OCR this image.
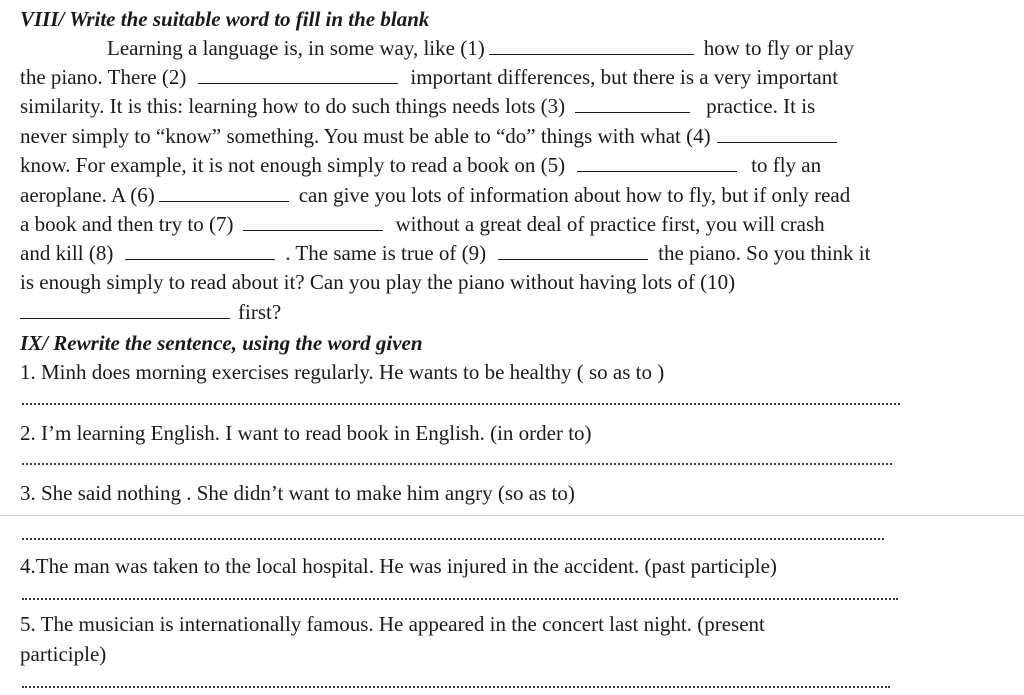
VIII/ Write the suitable word to fill in the blank
Learning a language is, in some way, like (1)	how to fly or play
the piano. There (2)	important differences, but there is a very important
similarity. It is this: learning how to do such things needs lots (3)	practice. It is
never simply to “know” something. You must be able to “do” things with what (4)
know. For example, it is not enough simply to read a book on (5)	to fly an
aeroplane. A (6)	can give you lots of information about how to fly, but if only read
a book and then try to (7)	without a great deal of practice first, you will crash
and kill (8)	. The same is true of (9)	the piano. So you think it
is enough simply to read about it? Can you play the piano without having lots of (10)
first?
IX/ Rewrite the sentence, using the word given
1. Minh does morning exercises regularly. He wants to be healthy ( so as to )
2. I’m learning English. I want to read book in English. (in order to)
3. She said nothing . She didn’t want to make him angry (so as to)
4.The man was taken to the local hospital. He was injured in the accident. (past participle)
5. The musician is internationally famous. He appeared in the concert last night. (present
participle)
